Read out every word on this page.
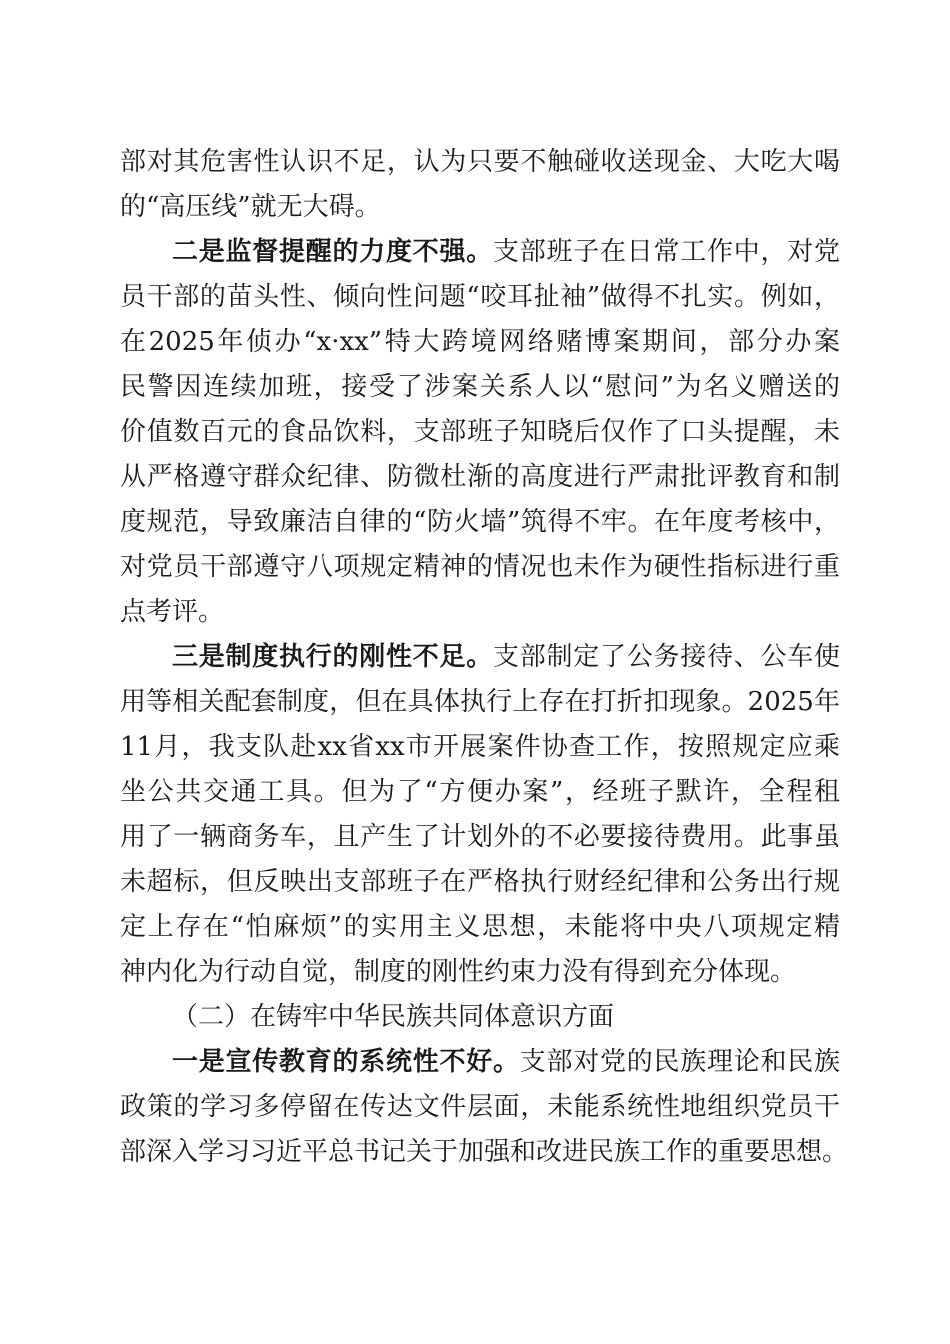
部对其危害性认识不足，认为只要不触碰收送现金、大吃大喝
的“高压线”就无大碍。
二是监督提醒的力度不强。支部班子在日常工作中，对党
员干部的苗头性、倾向性问题“咬耳扯袖”做得不扎实。例如，
在2025年侦办“x·xx”特大跨境网络赌博案期间，部分办案
民警因连续加班，接受了涉案关系人以“慰问”为名义赠送的
价值数百元的食品饮料，支部班子知晓后仅作了口头提醒，未
从严格遵守群众纪律、防微杜渐的高度进行严肃批评教育和制
度规范，导致廉洁自律的“防火墙”筑得不牢。在年度考核中，
对党员干部遵守八项规定精神的情况也未作为硬性指标进行重
点考评。
三是制度执行的刚性不足。支部制定了公务接待、公车使
用等相关配套制度，但在具体执行上存在打折扣现象。2025年
11月，我支队赴xx省xx市开展案件协查工作，按照规定应乘
坐公共交通工具。但为了“方便办案”，经班子默许，全程租
用了一辆商务车，且产生了计划外的不必要接待费用。此事虽
未超标，但反映出支部班子在严格执行财经纪律和公务出行规
定上存在“怕麻烦”的实用主义思想，未能将中央八项规定精
神内化为行动自觉，制度的刚性约束力没有得到充分体现。
（二）在铸牢中华民族共同体意识方面
一是宣传教育的系统性不好。支部对党的民族理论和民族
政策的学习多停留在传达文件层面，未能系统性地组织党员干
部深入学习习近平总书记关于加强和改进民族工作的重要思想。
